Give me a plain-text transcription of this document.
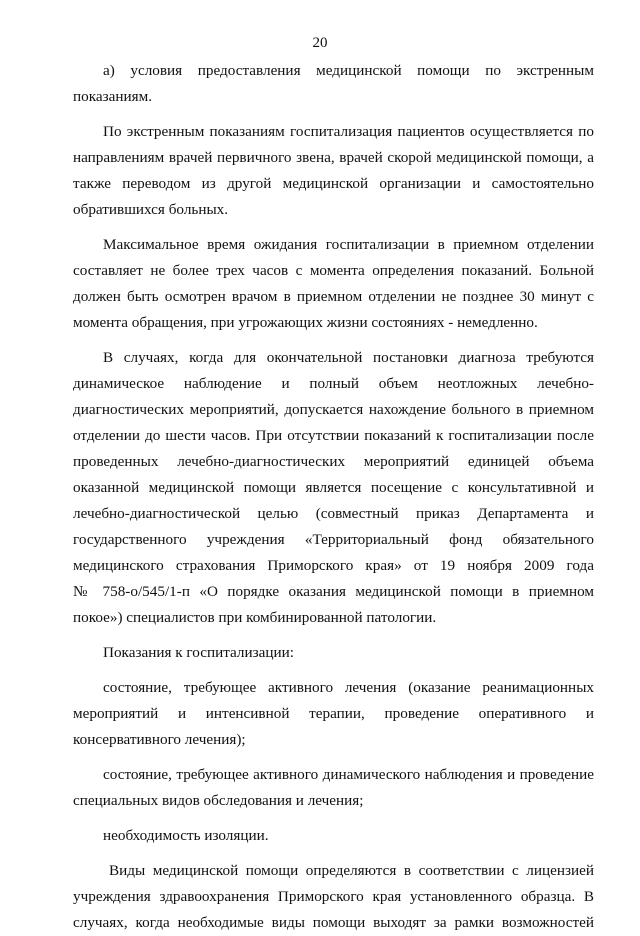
20
а) условия предоставления медицинской помощи по экстренным
показаниям.
По экстренным показаниям госпитализация пациентов осуществляется по
направлениям врачей первичного звена, врачей скорой медицинской помощи, а
также переводом из другой медицинской организации и самостоятельно
обратившихся больных.
Максимальное время ожидания госпитализации в приемном отделении
составляет не более трех часов с момента определения показаний. Больной
должен быть осмотрен врачом в приемном отделении не позднее 30 минут с
момента обращения, при угрожающих жизни состояниях - немедленно.
В случаях, когда для окончательной постановки диагноза требуются
динамическое наблюдение и полный объем неотложных лечебно-
диагностических мероприятий, допускается нахождение больного в приемном
отделении до шести часов. При отсутствии показаний к госпитализации после
проведенных лечебно-диагностических мероприятий единицей объема
оказанной медицинской помощи является посещение с консультативной и
лечебно-диагностической целью (совместный приказ Департамента и
государственного учреждения «Территориальный фонд обязательного
медицинского страхования Приморского края» от 19 ноября 2009 года
№ 758-о/545/1-п «О порядке оказания медицинской помощи в приемном
покое») специалистов при комбинированной патологии.
Показания к госпитализации:
состояние, требующее активного лечения (оказание реанимационных
мероприятий и интенсивной терапии, проведение оперативного и
консервативного лечения);
состояние, требующее активного динамического наблюдения и проведение
специальных видов обследования и лечения;
необходимость изоляции.
Виды медицинской помощи определяются в соответствии с лицензией
учреждения здравоохранения Приморского края установленного образца. В
случаях, когда необходимые виды помощи выходят за рамки возможностей
